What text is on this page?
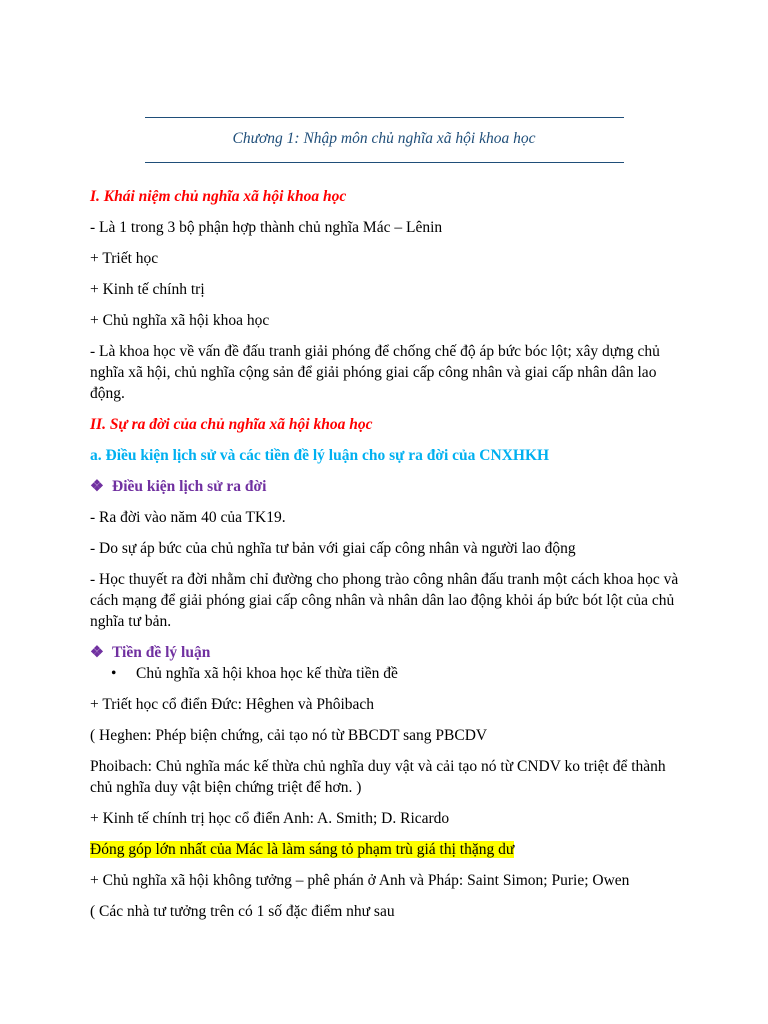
Chương 1: Nhập môn chủ nghĩa xã hội khoa học

I. Khái niệm chủ nghĩa xã hội khoa học

- Là 1 trong 3 bộ phận hợp thành chủ nghĩa Mác – Lênin

+ Triết học

+ Kinh tế chính trị

+ Chủ nghĩa xã hội khoa học

- Là khoa học về vấn đề đấu tranh giải phóng để chống chế độ áp bức bóc lột; xây dựng chủ nghĩa xã hội, chủ nghĩa cộng sản để giải phóng giai cấp công nhân và giai cấp nhân dân lao động.

II. Sự ra đời của chủ nghĩa xã hội khoa học

a. Điều kiện lịch sử và các tiền đề lý luận cho sự ra đời của CNXHKH

❖ Điều kiện lịch sử ra đời

- Ra đời vào năm 40 của TK19.

- Do sự áp bức của chủ nghĩa tư bản với giai cấp công nhân và người lao động

- Học thuyết ra đời nhằm chỉ đường cho phong trào công nhân đấu tranh một cách khoa học và cách mạng để giải phóng giai cấp công nhân và nhân dân lao động khỏi áp bức bót lột của chủ nghĩa tư bản.

❖ Tiền đề lý luận

• Chủ nghĩa xã hội khoa học kế thừa tiền đề

+ Triết học cổ điển Đức: Hêghen và Phôibach

( Heghen: Phép biện chứng, cải tạo nó từ BBCDT sang PBCDV

Phoibach: Chủ nghĩa mác kế thừa chủ nghĩa duy vật và cải tạo nó từ CNDV ko triệt để thành chủ nghĩa duy vật biện chứng triệt để hơn. )

+ Kinh tế chính trị học cổ điển Anh: A. Smith; D. Ricardo

Đóng góp lớn nhất của Mác là làm sáng tỏ phạm trù giá thị thặng dư

+ Chủ nghĩa xã hội không tưởng – phê phán ở Anh và Pháp: Saint Simon; Purie; Owen

( Các nhà tư tưởng trên có 1 số đặc điểm như sau
